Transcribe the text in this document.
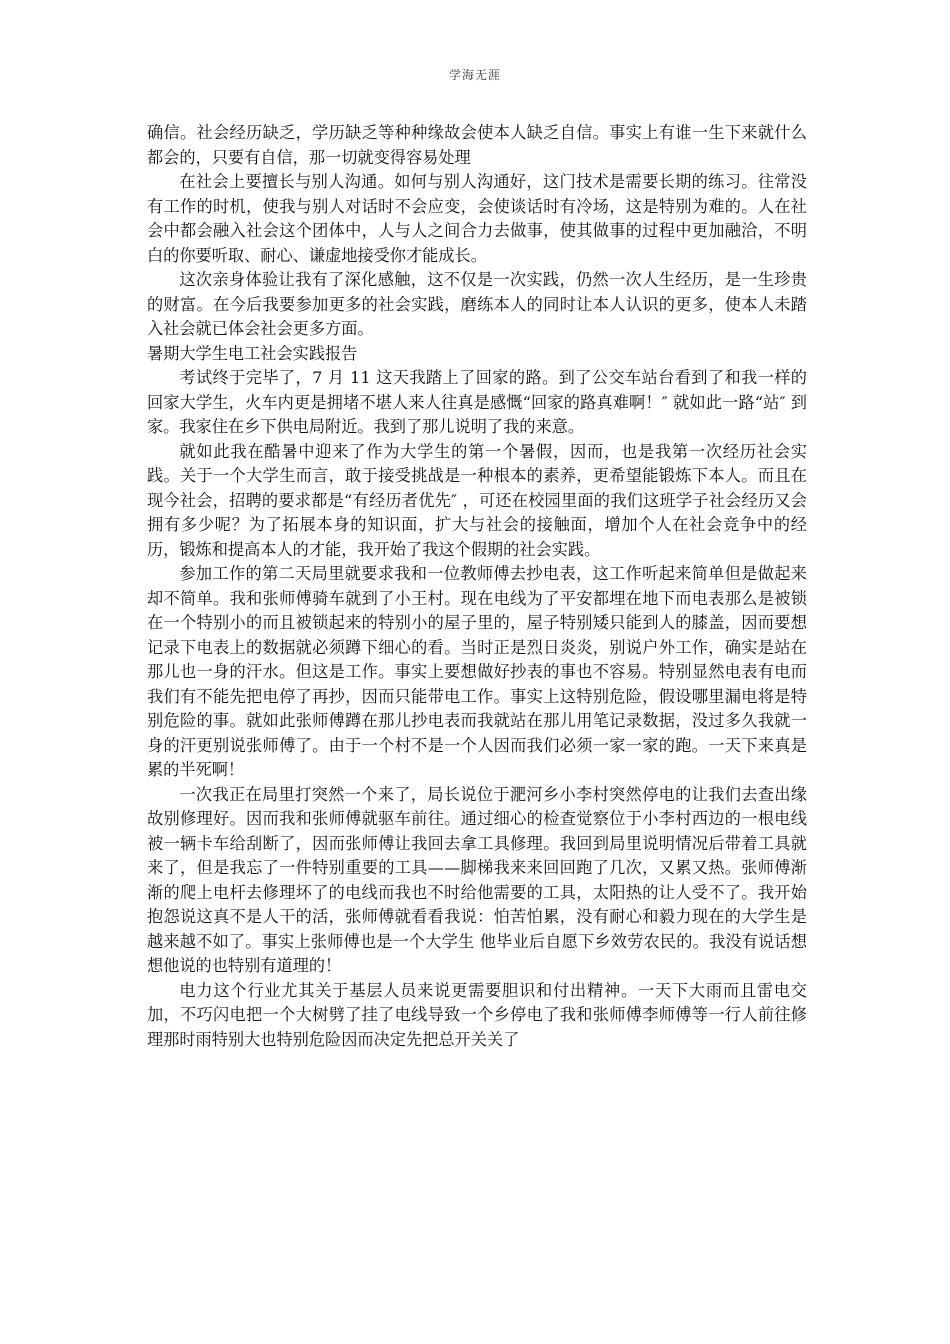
学海无涯

确信。社会经历缺乏，学历缺乏等种种缘故会使本人缺乏自信。事实上有谁一生下来就什么都会的，只要有自信，那一切就变得容易处理

在社会上要擅长与别人沟通。如何与别人沟通好，这门技术是需要长期的练习。往常没有工作的时机，使我与别人对话时不会应变，会使谈话时有冷场，这是特别为难的。人在社会中都会融入社会这个团体中，人与人之间合力去做事，使其做事的过程中更加融洽，不明白的你要听取、耐心、谦虚地接受你才能成长。

这次亲身体验让我有了深化感触，这不仅是一次实践，仍然一次人生经历，是一生珍贵的财富。在今后我要参加更多的社会实践，磨练本人的同时让本人认识的更多，使本人未踏入社会就已体会社会更多方面。

暑期大学生电工社会实践报告

考试终于完毕了，7 月 11 这天我踏上了回家的路。到了公交车站台看到了和我一样的回家大学生，火车内更是拥堵不堪人来人往真是感慨“回家的路真难啊！″ 就如此一路“站″ 到家。我家住在乡下供电局附近。我到了那儿说明了我的来意。

就如此我在酷暑中迎来了作为大学生的第一个暑假，因而，也是我第一次经历社会实践。关于一个大学生而言，敢于接受挑战是一种根本的素养，更希望能锻炼下本人。而且在现今社会，招聘的要求都是“有经历者优先″ ，可还在校园里面的我们这班学子社会经历又会拥有多少呢？为了拓展本身的知识面，扩大与社会的接触面，增加个人在社会竞争中的经历，锻炼和提高本人的才能，我开始了我这个假期的社会实践。

参加工作的第二天局里就要求我和一位教师傅去抄电表，这工作听起来简单但是做起来却不简单。我和张师傅骑车就到了小王村。现在电线为了平安都埋在地下而电表那么是被锁在一个特别小的而且被锁起来的特别小的屋子里的，屋子特别矮只能到人的膝盖，因而要想记录下电表上的数据就必须蹲下细心的看。当时正是烈日炎炎，别说户外工作，确实是站在那儿也一身的汗水。但这是工作。事实上要想做好抄表的事也不容易。特别显然电表有电而我们有不能先把电停了再抄，因而只能带电工作。事实上这特别危险，假设哪里漏电将是特别危险的事。就如此张师傅蹲在那儿抄电表而我就站在那儿用笔记录数据，没过多久我就一身的汗更别说张师傅了。由于一个村不是一个人因而我们必须一家一家的跑。一天下来真是累的半死啊！

一次我正在局里打突然一个来了，局长说位于淝河乡小李村突然停电的让我们去查出缘故别修理好。因而我和张师傅就驱车前往。通过细心的检查觉察位于小李村西边的一根电线被一辆卡车给刮断了，因而张师傅让我回去拿工具修理。我回到局里说明情况后带着工具就来了，但是我忘了一件特别重要的工具——脚梯我来来回回跑了几次，又累又热。张师傅渐渐的爬上电杆去修理坏了的电线而我也不时给他需要的工具，太阳热的让人受不了。我开始抱怨说这真不是人干的活，张师傅就看看我说：怕苦怕累，没有耐心和毅力现在的大学生是越来越不如了。事实上张师傅也是一个大学生 他毕业后自愿下乡效劳农民的。我没有说话想想他说的也特别有道理的！

电力这个行业尤其关于基层人员来说更需要胆识和付出精神。一天下大雨而且雷电交加，不巧闪电把一个大树劈了挂了电线导致一个乡停电了我和张师傅李师傅等一行人前往修理那时雨特别大也特别危险因而决定先把总开关关了
